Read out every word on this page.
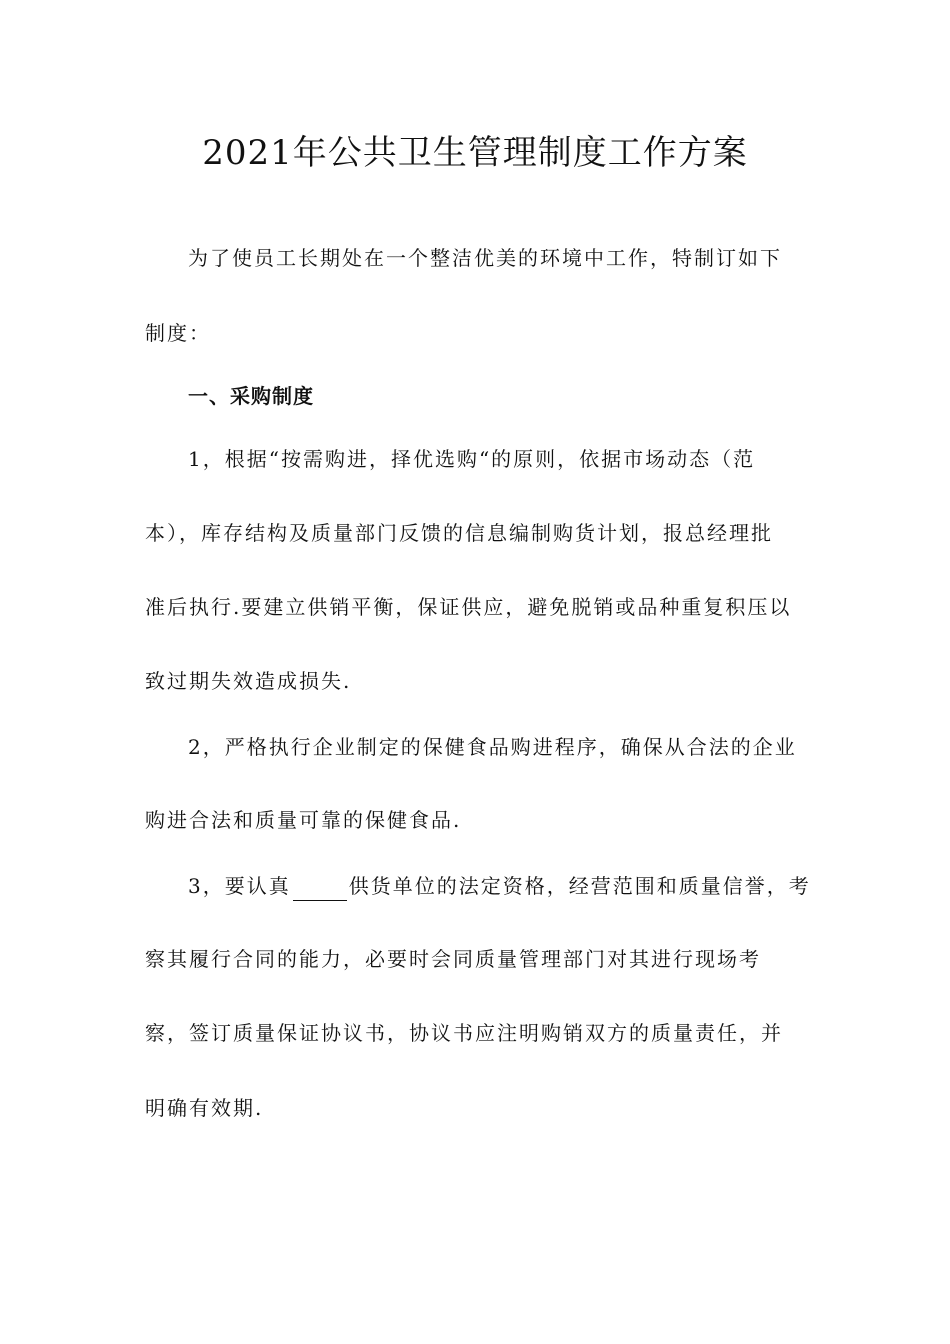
2021年公共卫生管理制度工作方案
为了使员工长期处在一个整洁优美的环境中工作，特制订如下
制度：
一、采购制度
1，根据“按需购进，择优选购“的原则，依据市场动态（范
本），库存结构及质量部门反馈的信息编制购货计划，报总经理批
准后执行.要建立供销平衡，保证供应，避免脱销或品种重复积压以
致过期失效造成损失.
2，严格执行企业制定的保健食品购进程序，确保从合法的企业
购进合法和质量可靠的保健食品.
3，要认真	供货单位的法定资格，经营范围和质量信誉，考
察其履行合同的能力，必要时会同质量管理部门对其进行现场考
察，签订质量保证协议书，协议书应注明购销双方的质量责任，并
明确有效期.
